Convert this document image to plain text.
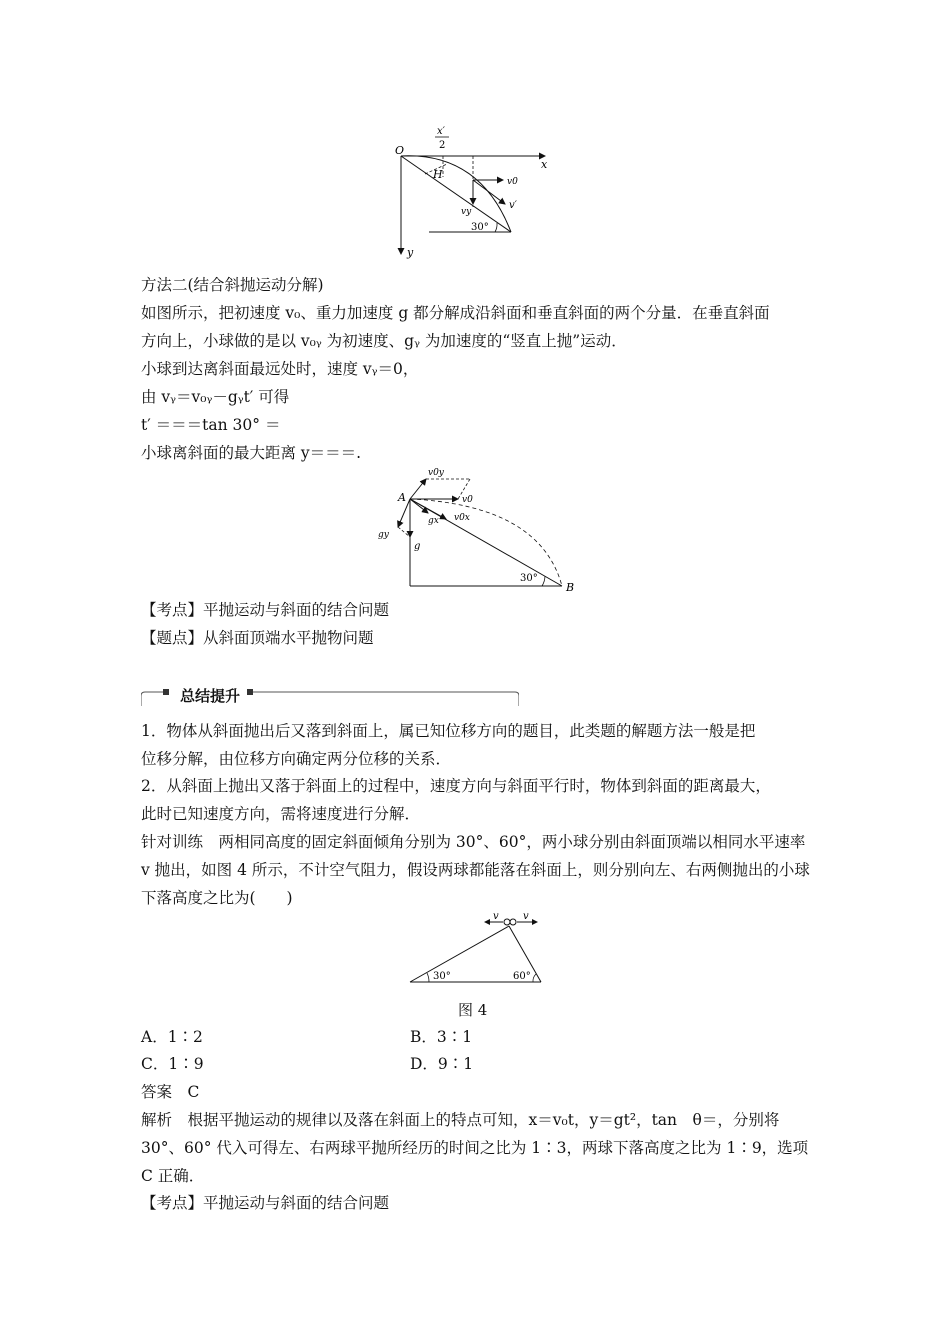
O
x
y
x′
2
H
v0
v′
vy
30°
方法二(结合斜抛运动分解)
如图所示，把初速度 v₀、重力加速度 g 都分解成沿斜面和垂直斜面的两个分量．在垂直斜面
方向上，小球做的是以 v₀ᵧ 为初速度、gᵧ 为加速度的“竖直上抛”运动．
小球到达离斜面最远处时，速度 vᵧ＝0，
由 vᵧ＝v₀ᵧ－gᵧt′ 可得
t′ ＝＝＝tan 30° ＝
小球离斜面的最大距离 y＝＝＝.
A
B
v0y
v0
v0x
gx
gy
g
30°
【考点】平抛运动与斜面的结合问题
【题点】从斜面顶端水平抛物问题
总结提升
1．物体从斜面抛出后又落到斜面上，属已知位移方向的题目，此类题的解题方法一般是把
位移分解，由位移方向确定两分位移的关系．
2．从斜面上抛出又落于斜面上的过程中，速度方向与斜面平行时，物体到斜面的距离最大，
此时已知速度方向，需将速度进行分解．
针对训练　两相同高度的固定斜面倾角分别为 30°、60°，两小球分别由斜面顶端以相同水平速率 v 抛出，如图 4 所示，不计空气阻力，假设两球都能落在斜面上，则分别向左、右两侧抛出的小球下落高度之比为(　　)
v v
30°	60°
图 4
A．1∶2	B．3∶1
C．1∶9	D．9∶1
答案　C
解析　根据平抛运动的规律以及落在斜面上的特点可知，x＝v₀t，y＝gt²，tan　θ＝，分别将 30°、60° 代入可得左、右两球平抛所经历的时间之比为 1∶3，两球下落高度之比为 1∶9，选项 C 正确．
【考点】平抛运动与斜面的结合问题
